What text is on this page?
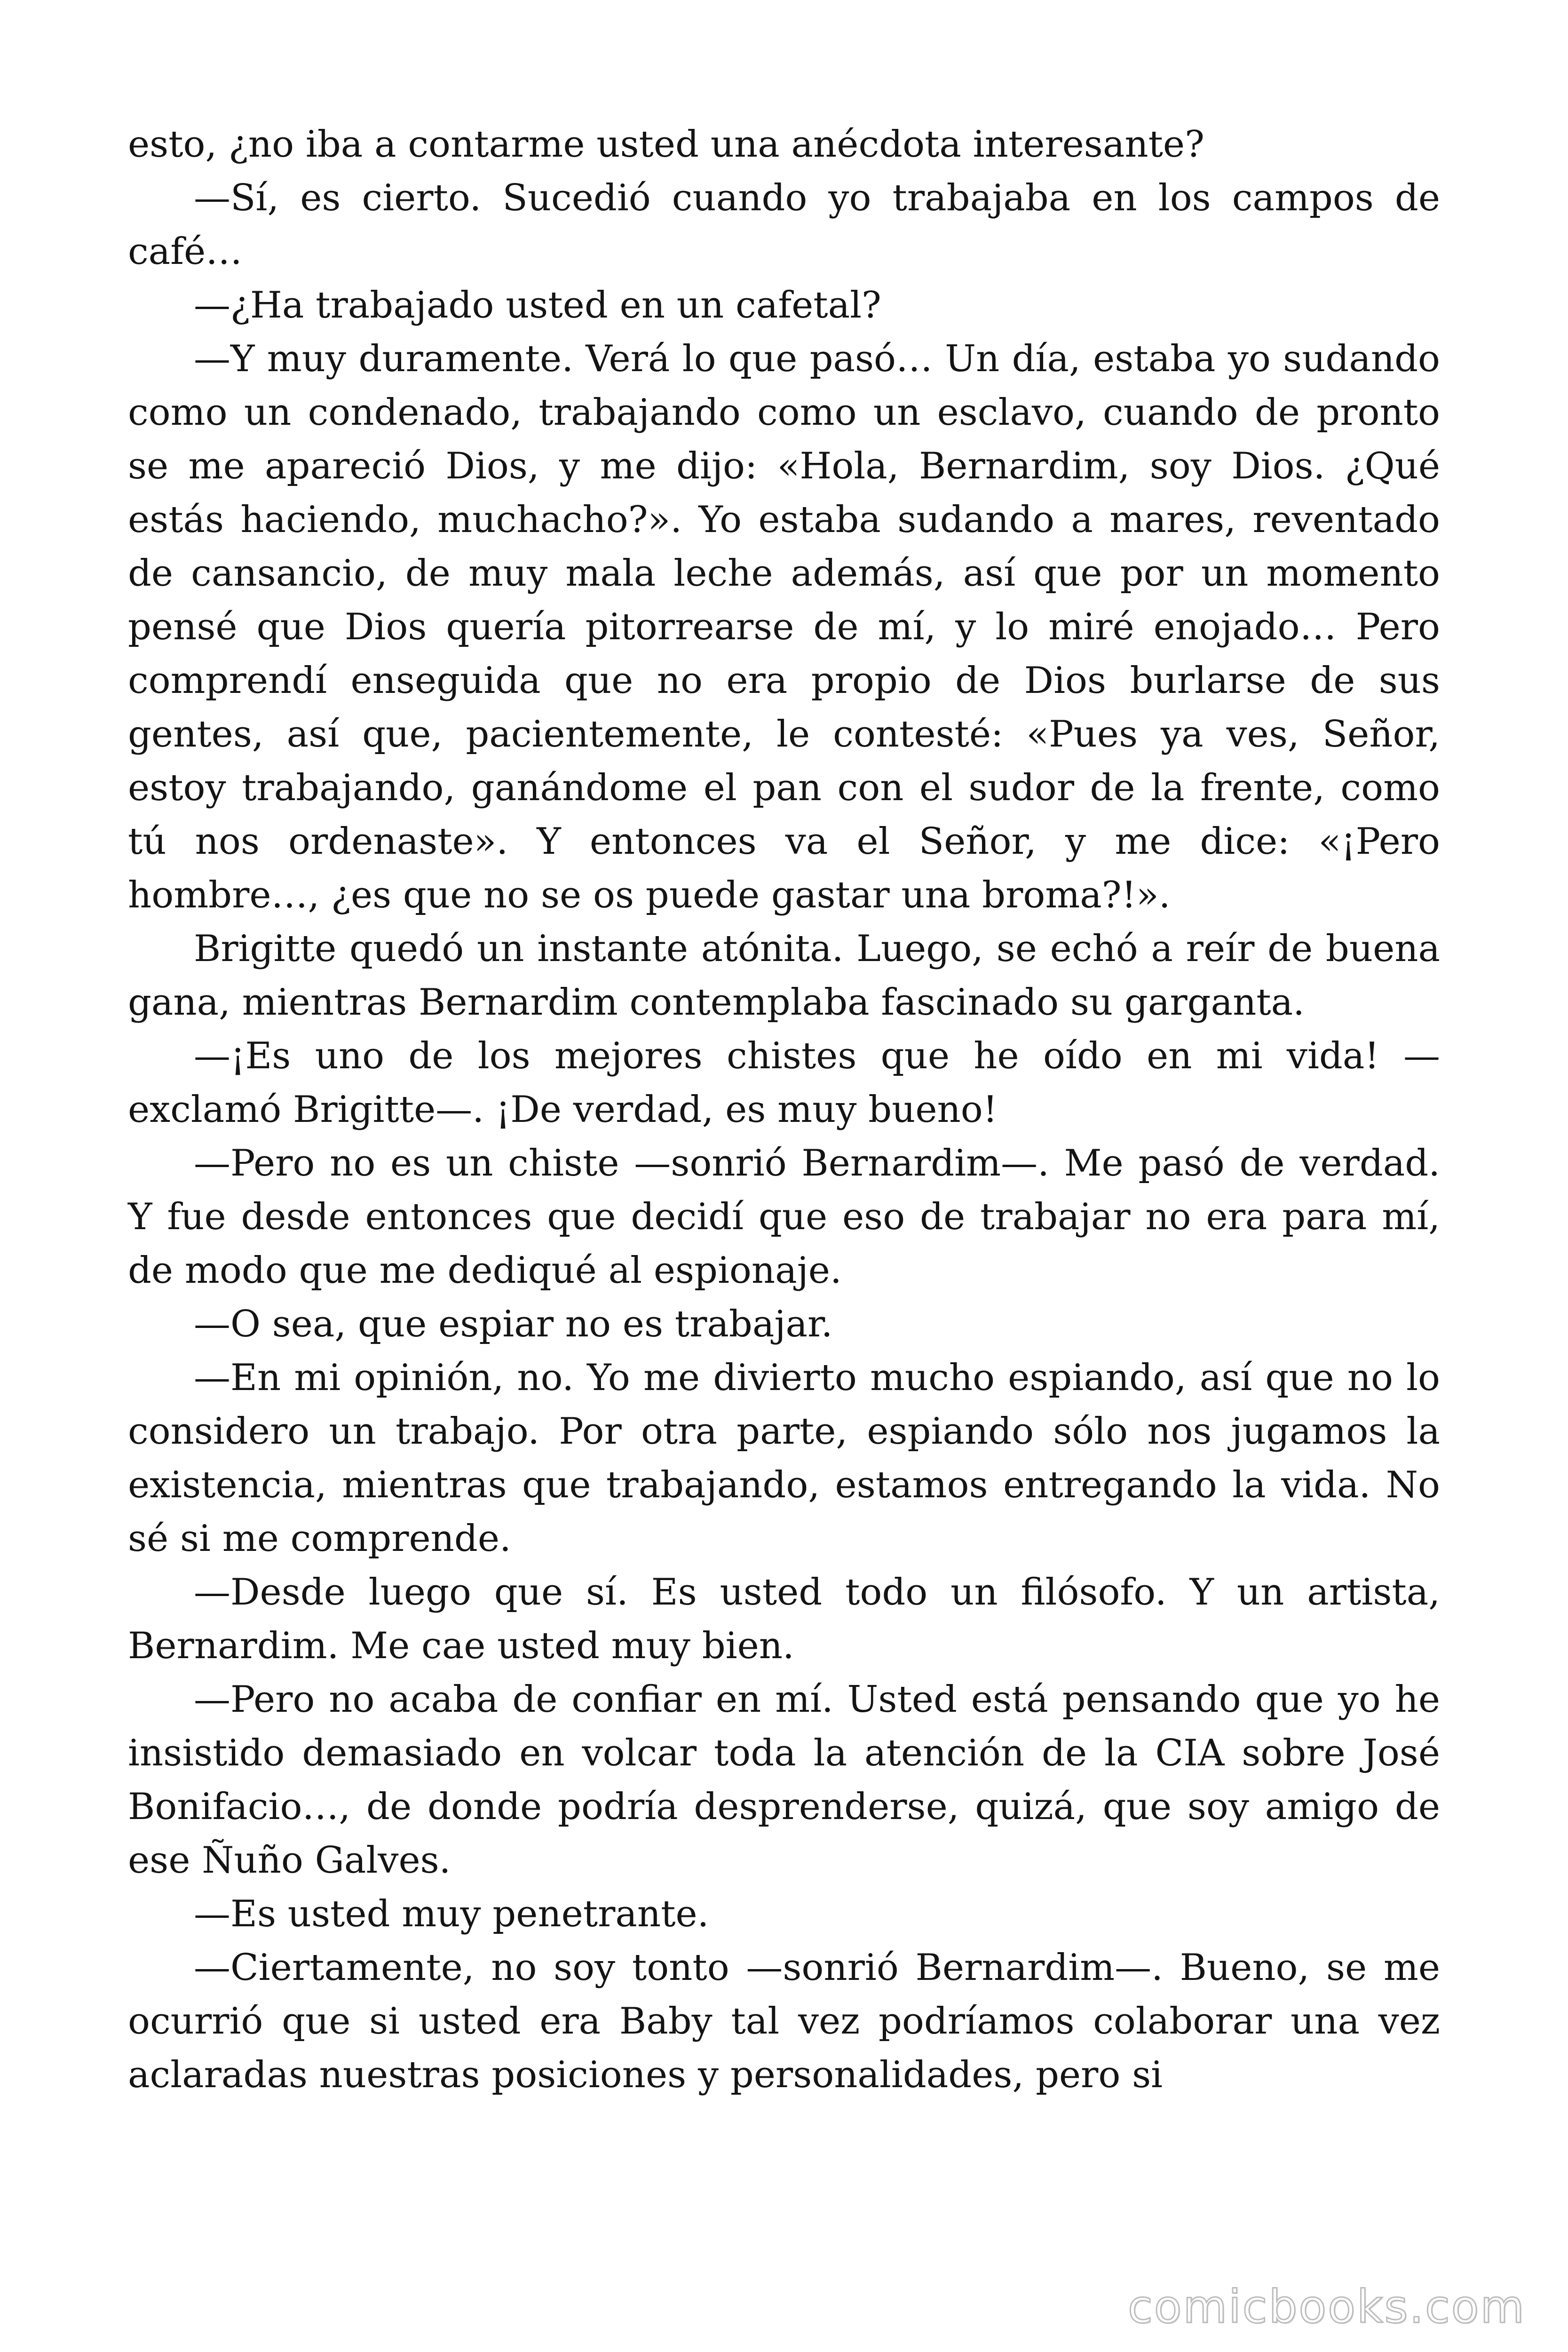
esto, ¿no iba a contarme usted una anécdota interesante?

—Sí, es cierto. Sucedió cuando yo trabajaba en los campos de café…

—¿Ha trabajado usted en un cafetal?

—Y muy duramente. Verá lo que pasó… Un día, estaba yo sudando como un condenado, trabajando como un esclavo, cuando de pronto se me apareció Dios, y me dijo: «Hola, Bernardim, soy Dios. ¿Qué estás haciendo, muchacho?». Yo estaba sudando a mares, reventado de cansancio, de muy mala leche además, así que por un momento pensé que Dios quería pitorrearse de mí, y lo miré enojado… Pero comprendí enseguida que no era propio de Dios burlarse de sus gentes, así que, pacientemente, le contesté: «Pues ya ves, Señor, estoy trabajando, ganándome el pan con el sudor de la frente, como tú nos ordenaste». Y entonces va el Señor, y me dice: «¡Pero hombre…, ¿es que no se os puede gastar una broma?!».

Brigitte quedó un instante atónita. Luego, se echó a reír de buena gana, mientras Bernardim contemplaba fascinado su garganta.

—¡Es uno de los mejores chistes que he oído en mi vida! —exclamó Brigitte—. ¡De verdad, es muy bueno!

—Pero no es un chiste —sonrió Bernardim—. Me pasó de verdad. Y fue desde entonces que decidí que eso de trabajar no era para mí, de modo que me dediqué al espionaje.

—O sea, que espiar no es trabajar.

—En mi opinión, no. Yo me divierto mucho espiando, así que no lo considero un trabajo. Por otra parte, espiando sólo nos jugamos la existencia, mientras que trabajando, estamos entregando la vida. No sé si me comprende.

—Desde luego que sí. Es usted todo un filósofo. Y un artista, Bernardim. Me cae usted muy bien.

—Pero no acaba de confiar en mí. Usted está pensando que yo he insistido demasiado en volcar toda la atención de la CIA sobre José Bonifacio…, de donde podría desprenderse, quizá, que soy amigo de ese Ñuño Galves.

—Es usted muy penetrante.

—Ciertamente, no soy tonto —sonrió Bernardim—. Bueno, se me ocurrió que si usted era Baby tal vez podríamos colaborar una vez aclaradas nuestras posiciones y personalidades, pero si

comicbooks.com
